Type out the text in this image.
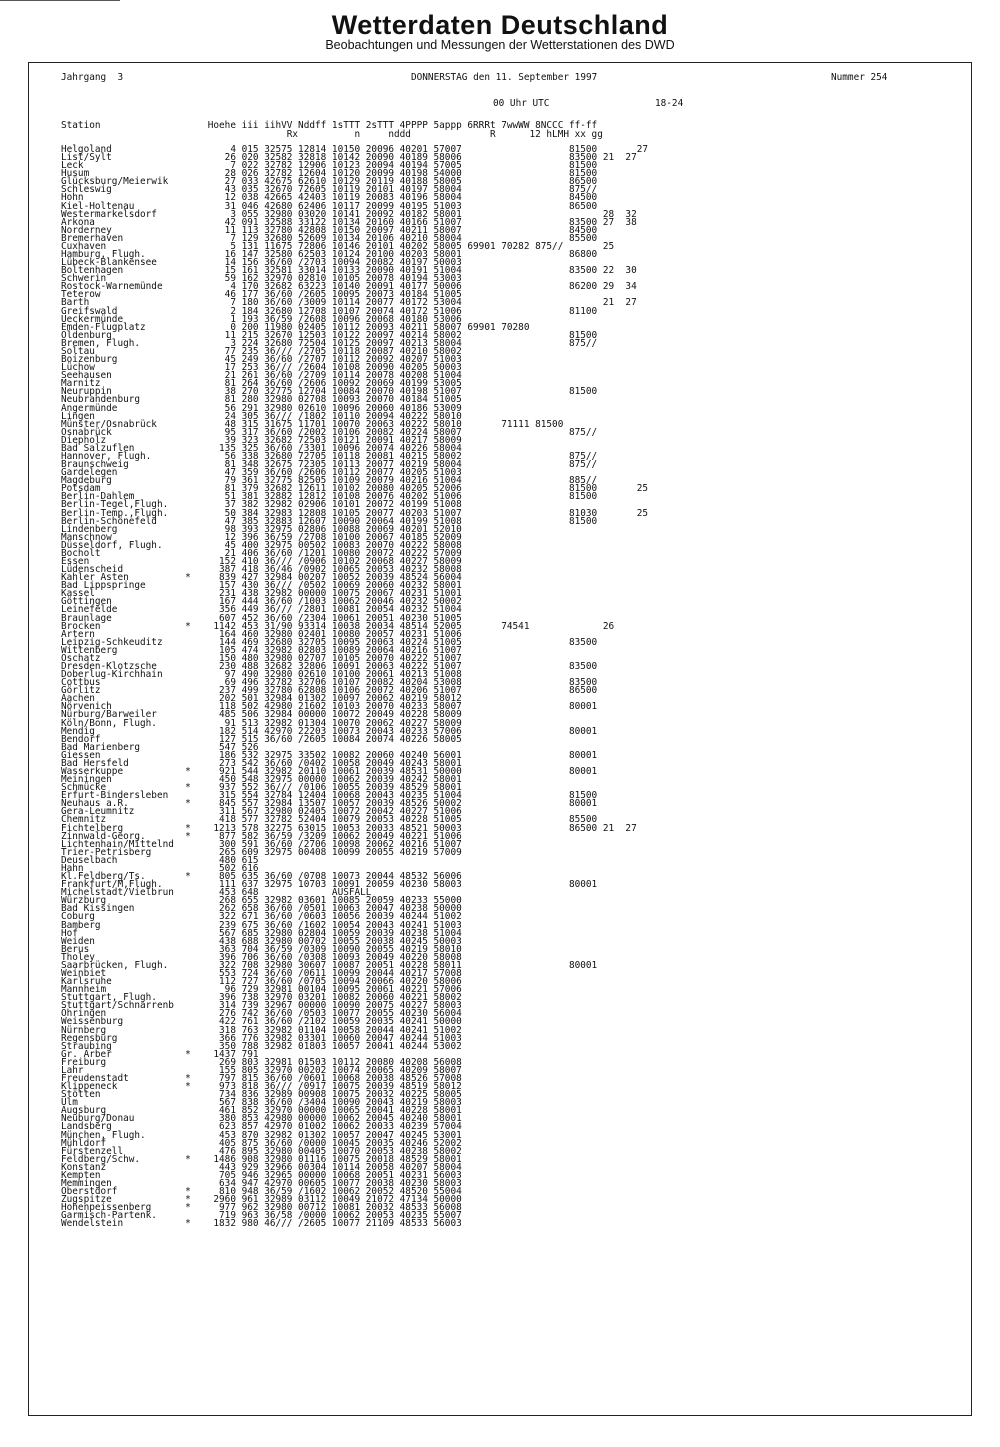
Wetterdaten Deutschland
Beobachtungen und Messungen der Wetterstationen des DWD
Jahrgang  3	DONNERSTAG den 11. September 1997	Nummer 254
00 Uhr UTC	18-24
Station                   Hoehe iii iihVV Nddff 1sTTT 2sTTT 4PPPP 5appp 6RRRt 7wwWW 8NCCC ff-ff
Rx          n     nddd              R      12 hLMH xx gg
Helgoland                     4 015 32575 12814 10150 20096 40201 57007                   81500       27
List/Sylt                    26 020 32582 32818 10142 20090 40189 58006                   83500 21  27
Leck                          7 022 32782 12906 10123 20094 40194 57005                   81500
Husum                        28 026 32782 12604 10120 20099 40198 54000                   81500
Glücksburg/Meierwik          27 033 42675 62610 10129 20119 40188 58005                   86500
Schleswig                    43 035 32670 72605 10119 20101 40197 58004                   875//
Hohn                         12 038 42665 42403 10119 20083 40196 58004                   84500
Kiel-Holtenau                31 046 42680 62406 10117 20099 40195 51003                   86500
Westermarkelsdorf             3 055 32980 03020 10141 20092 40182 58001                         28  32
Arkona                       42 091 32588 33122 10134 20160 40166 51007                   83500 27  38
Norderney                    11 113 32780 42808 10150 20097 40211 58007                   84500
Bremerhaven                   7 129 32680 52609 10134 20106 40210 58004                   85500
Cuxhaven                      5 131 11675 72806 10146 20101 40202 58005 69901 70282 875//       25
Hamburg, Flugh.              16 147 32580 62503 10124 20100 40203 58001                   86800
Lübeck-Blankensee            14 156 36/60 /2703 10094 20082 40197 50003
Boltenhagen                  15 161 32581 33014 10133 20090 40191 51004                   83500 22  30
Schwerin                     59 162 32970 02810 10105 20078 40194 53003
Rostock-Warnemünde            4 170 32682 63223 10140 20091 40177 50006                   86200 29  34
Teterow                      46 177 36/60 /2605 10095 20073 40184 51005
Barth                         7 180 36/60 /3009 10114 20077 40172 53004                         21  27
Greifswald                    2 184 32680 12708 10107 20074 40172 51006                   81100
Ueckermünde                   1 193 36/59 /2608 10096 20068 40180 53006
Emden-Flugplatz               0 200 11980 02405 10112 20093 40211 58007 69901 70280
Oldenburg                    11 215 32670 12503 10122 20097 40214 58002                   81500
Bremen, Flugh.                3 224 32680 72504 10125 20097 40213 58004                   875//
Soltau                       77 235 36/// /2705 10118 20087 40210 58002
Boizenburg                   45 249 36/60 /2707 10112 20092 40207 51003
Lüchow                       17 253 36/// /2604 10108 20090 40205 50003
Seehausen                    21 261 36/60 /2709 10114 20078 40208 51004
Marnitz                      81 264 36/60 /2606 10092 20069 40199 53005
Neuruppin                    38 270 32775 12704 10084 20070 40198 51007                   81500
Neubrandenburg               81 280 32980 02708 10093 20070 40184 51005
Angermünde                   56 291 32980 02610 10096 20060 40186 53009
Lingen                       24 305 36/// /1802 10110 20094 40222 58010
Münster/Osnabrück            48 315 31675 11701 10070 20063 40222 58010       71111 81500
Osnabrück                    95 317 36/60 /2002 10106 20082 40224 58007                   875//
Diepholz                     39 323 32682 72503 10121 20091 40217 58009
Bad Salzuflen               135 325 36/60 /3301 10096 20074 40226 58004
Hannover, Flugh.             56 338 32680 72705 10118 20081 40215 58002                   875//
Braunschweig                 81 348 32675 72305 10113 20077 40219 58004                   875//
Gardelegen                   47 359 36/60 /2606 10112 20077 40205 51003
Magdeburg                    79 361 32775 82505 10109 20079 40216 51004                   885//
Potsdam                      81 379 32682 12611 10102 20080 40205 52006                   81500       25
Berlin-Dahlem                51 381 32882 12812 10108 20076 40202 51006                   81500
Berlin-Tegel,Flugh.          37 382 32982 02906 10101 20072 40199 51008
Berlin-Temp.,Flugh.          50 384 32983 12808 10105 20077 40203 51007                   81030       25
Berlin-Schönefeld            47 385 32883 12607 10090 20064 40199 51008                   81500
Lindenberg                   98 393 32975 02806 10088 20069 40201 52010
Manschnow                    12 396 36/59 /2708 10100 20067 40185 52009
Düsseldorf, Flugh.           45 400 32975 00502 10083 20070 40222 58008
Bocholt                      21 406 36/60 /1201 10080 20072 40222 57009
Essen                       152 410 36/// /0906 10102 20068 40227 58009
Lüdenscheid                 387 418 36/46 /0902 10065 20053 40232 58008
Kahler Asten          *     839 427 32984 00207 10052 20039 48524 56004
Bad Lippspringe             157 430 36/// /0502 10069 20060 40232 58001
Kassel                      231 438 32982 00000 10075 20067 40231 51001
Göttingen                   167 444 36/60 /1003 10062 20046 40232 50002
Leinefelde                  356 449 36/// /2801 10081 20054 40232 51004
Braunlage                   607 452 36/60 /2304 10061 20051 40230 51005
Brocken               *    1142 453 31/90 93314 10038 20034 48514 52005       74541             26
Artern                      164 460 32980 02401 10080 20057 40231 51006
Leipzig-Schkeuditz          144 469 32680 32705 10095 20063 40224 51005                   83500
Wittenberg                  105 474 32982 02803 10089 20064 40216 51007
Oschatz                     150 480 32980 02707 10105 20070 40222 51007
Dresden-Klotzsche           230 488 32682 32806 10091 20063 40222 51007                   83500
Doberlug-Kirchhain           97 490 32980 02610 10100 20061 40213 51008
Cottbus                      69 496 32782 32706 10107 20082 40204 53008                   83500
Görlitz                     237 499 32780 62808 10106 20072 40206 51007                   86500
Aachen                      202 501 32984 01302 10097 20062 40219 58012
Nörvenich                   118 502 42980 21602 10103 20070 40233 58007                   80001
Nürburg/Barweiler           485 506 32984 00000 10072 20049 40228 58009
Köln/Bonn, Flugh.            91 513 32982 01304 10070 20062 40227 58009
Mendig                      182 514 42970 22203 10073 20043 40233 57006                   80001
Bendorf                     127 515 36/60 /2605 10084 20074 40226 58005
Bad Marienberg              547 526
Giessen                     186 532 32975 33502 10082 20060 40240 56001                   80001
Bad Hersfeld                273 542 36/60 /0402 10058 20049 40243 58001
Wasserkuppe           *     921 544 32982 20110 10061 20039 48531 50000                   80001
Meiningen                   450 548 32975 00000 10062 20039 40242 58001
Schmücke              *     937 552 36/// /0106 10055 20039 48529 58001
Erfurt-Bindersleben         315 554 32784 12404 10068 20043 40235 51004                   81500
Neuhaus a.R.          *     845 557 32984 13507 10057 20039 48526 50002                   80001
Gera-Leumnitz               311 567 32980 02405 10072 20042 40227 51006
Chemnitz                    418 577 32782 52404 10079 20053 40228 51005                   85500
Fichtelberg           *    1213 578 32275 63015 10053 20033 48521 50003                   86500 21  27
Zinnwald-Georg.       *     877 582 36/59 /3209 10062 20049 40221 51006
Lichtenhain/Mittelnd        300 591 36/60 /2706 10098 20062 40216 51007
Trier-Petrisberg            265 609 32975 00408 10099 20055 40219 57009
Deuselbach                  480 615
Hahn                        502 616
Kl.Feldberg/Ts.       *     805 635 36/60 /0708 10073 20044 48532 56006
Frankfurt/M,Flugh.          111 637 32975 10703 10091 20059 40230 58003                   80001
Michelstadt/Vielbrun        453 648             AUSFALL
Würzburg                    268 655 32982 03601 10085 20059 40233 55000
Bad Kissingen               262 658 36/60 /0501 10063 20047 40238 50000
Coburg                      322 671 36/60 /0603 10056 20039 40244 51002
Bamberg                     239 675 36/60 /1602 10054 20043 40241 51003
Hof                         567 685 32980 02804 10059 20039 40238 51004
Weiden                      438 688 32980 00702 10055 20038 40245 50003
Berus                       363 704 36/59 /0309 10090 20055 40219 58010
Tholey                      396 706 36/60 /0308 10093 20049 40220 58008
Saarbrücken, Flugh.         322 708 32980 30607 10087 20051 40228 58011                   80001
Weinbiet                    553 724 36/60 /0611 10099 20044 40217 57008
Karlsruhe                   112 727 36/60 /0705 10094 20066 40220 58006
Mannheim                     96 729 32981 00104 10095 20061 40221 57006
Stuttgart, Flugh.           396 738 32970 03201 10082 20060 40221 58002
Stuttgart/Schnarrenb        314 739 32967 00000 10090 20075 40227 58003
Öhringen                    276 742 36/60 /0503 10077 20055 40230 56004
Weissenburg                 422 761 36/60 /2102 10059 20035 40241 50000
Nürnberg                    318 763 32982 01104 10058 20044 40241 51002
Regensburg                  366 776 32982 03301 10060 20047 40244 51003
Straubing                   350 788 32982 01803 10057 20041 40244 53002
Gr. Arber             *    1437 791
Freiburg                    269 803 32981 01503 10112 20080 40208 56008
Lahr                        155 805 32970 00202 10074 20065 40209 58007
Freudenstadt          *     797 815 36/60 /0601 10068 20038 48526 57008
Klippeneck            *     973 818 36/// /0917 10075 20039 48519 58012
Stötten                     734 836 32989 00908 10075 20032 40225 58005
Ulm                         567 838 36/60 /3404 10090 20043 40219 58003
Augsburg                    461 852 32970 00000 10065 20041 40228 58001
Neuburg/Donau               380 853 42980 00000 10062 20045 40240 58001
Landsberg                   623 857 42970 01002 10062 20033 40239 57004
München, Flugh.             453 870 32982 01302 10057 20047 40245 53001
Mühldorf                    405 875 36/60 /0000 10045 20035 40246 52002
Fürstenzell                 476 895 32980 00405 10070 20053 40238 58002
Feldberg/Schw.        *    1486 908 32980 01116 10075 20018 48529 58001
Konstanz                    443 929 32966 00304 10114 20058 40207 58004
Kempten                     705 946 32965 00000 10068 20051 40231 56003
Memmingen                   634 947 42970 00605 10077 20038 40230 58003
Oberstdorf            *     810 948 36/59 /1602 10062 20052 48520 55004
Zugspitze             *    2960 961 32989 03112 10049 21072 47134 50000
Hohenpeissenberg      *     977 962 32980 00712 10081 20032 48533 56008
Garmisch-Partenk.           719 963 36/58 /0000 10062 20053 40235 55007
Wendelstein           *    1832 980 46/// /2605 10077 21109 48533 56003
